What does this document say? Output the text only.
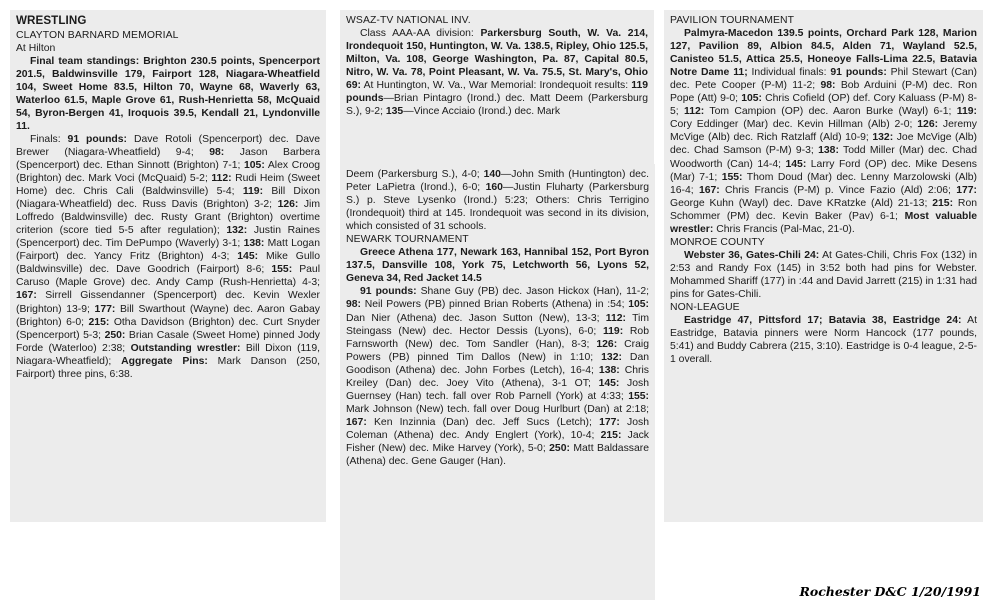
WRESTLING
CLAYTON BARNARD MEMORIAL

At Hilton

Final team standings: Brighton 230.5 points, Spencerport 201.5, Baldwinsville 179, Fairport 128, Niagara-Wheatfield 104, Sweet Home 83.5, Hilton 70, Wayne 68, Waverly 63, Waterloo 61.5, Maple Grove 61, Rush-Henrietta 58, McQuaid 54, Byron-Bergen 41, Iroquois 39.5, Kendall 21, Lyndonville 11.

Finals: 91 pounds: Dave Rotoli (Spencerport) dec. Dave Brewer (Niagara-Wheatfield) 9-4; 98: Jason Barbera (Spencerport) dec. Ethan Sinnott (Brighton) 7-1; 105: Alex Croog (Brighton) dec. Mark Voci (McQuaid) 5-2; 112: Rudi Heim (Sweet Home) dec. Chris Cali (Baldwinsville) 5-4; 119: Bill Dixon (Niagara-Wheatfield) dec. Russ Davis (Brighton) 3-2; 126: Jim Loffredo (Baldwinsville) dec. Rusty Grant (Brighton) overtime criterion (score tied 5-5 after regulation); 132: Justin Raines (Spencerport) dec. Tim DePumpo (Waverly) 3-1; 138: Matt Logan (Fairport) dec. Yancy Fritz (Brighton) 4-3; 145: Mike Gullo (Baldwinsville) dec. Dave Goodrich (Fairport) 8-6; 155: Paul Caruso (Maple Grove) dec. Andy Camp (Rush-Henrietta) 4-3; 167: Sirrell Gissendanner (Spencerport) dec. Kevin Wexler (Brighton) 13-9; 177: Bill Swarthout (Wayne) dec. Aaron Gabay (Brighton) 6-0; 215: Otha Davidson (Brighton) dec. Curt Snyder (Spencerport) 5-3; 250: Brian Casale (Sweet Home) pinned Jody Forde (Waterloo) 2:38; Outstanding wrestler: Bill Dixon (119, Niagara-Wheatfield); Aggregate Pins: Mark Danson (250, Fairport) three pins, 6:38.

WSAZ-TV NATIONAL INV.

Class AAA-AA division: Parkersburg South, W. Va. 214, Irondequoit 150, Huntington, W. Va. 138.5, Ripley, Ohio 125.5, Milton, Va. 108, George Washington, Pa. 87, Capital 80.5, Nitro, W. Va. 78, Point Pleasant, W. Va. 75.5, St. Mary's, Ohio 69: At Huntington, W. Va., War Memorial: Irondequoit results: 119 pounds—Brian Pintagro (Irond.) dec. Matt Deem (Parkersburg S.), 9-2; 135—Vince Acciaio (Irond.) dec. Mark

Deem (Parkersburg S.), 4-0; 140—John Smith (Huntington) dec. Peter LaPietra (Irond.), 6-0; 160—Justin Fluharty (Parkersburg S.) p. Steve Lysenko (Irond.) 5:23; Others: Chris Terrigino (Irondequoit) third at 145. Irondequoit was second in its division, which consisted of 31 schools.

NEWARK TOURNAMENT

Greece Athena 177, Newark 163, Hannibal 152, Port Byron 137.5, Dansville 108, York 75, Letchworth 56, Lyons 52, Geneva 34, Red Jacket 14.5

91 pounds: Shane Guy (PB) dec. Jason Hickox (Han), 11-2; 98: Neil Powers (PB) pinned Brian Roberts (Athena) in :54; 105: Dan Nier (Athena) dec. Jason Sutton (New), 13-3; 112: Tim Steingass (New) dec. Hector Dessis (Lyons), 6-0; 119: Rob Farnsworth (New) dec. Tom Sandler (Han), 8-3; 126: Craig Powers (PB) pinned Tim Dallos (New) in 1:10; 132: Dan Goodison (Athena) dec. John Forbes (Letch), 16-4; 138: Chris Kreiley (Dan) dec. Joey Vito (Athena), 3-1 OT; 145: Josh Guernsey (Han) tech. fall over Rob Parnell (York) at 4:33; 155: Mark Johnson (New) tech. fall over Doug Hurlburt (Dan) at 2:18; 167: Ken Inzinnia (Dan) dec. Jeff Sucs (Letch); 177: Josh Coleman (Athena) dec. Andy Englert (York), 10-4; 215: Jack Fisher (New) dec. Mike Harvey (York), 5-0; 250: Matt Baldassare (Athena) dec. Gene Gauger (Han).

PAVILION TOURNAMENT

Palmyra-Macedon 139.5 points, Orchard Park 128, Marion 127, Pavilion 89, Albion 84.5, Alden 71, Wayland 52.5, Canisteo 51.5, Attica 25.5, Honeoye Falls-Lima 22.5, Batavia Notre Dame 11; Individual finals: 91 pounds: Phil Stewart (Can) dec. Pete Cooper (P-M) 11-2; 98: Bob Arduini (P-M) dec. Ron Pope (Att) 9-0; 105: Chris Cofield (OP) def. Cory Kaluass (P-M) 8-5; 112: Tom Campion (OP) dec. Aaron Burke (Wayl) 6-1; 119: Cory Eddinger (Mar) dec. Kevin Hillman (Alb) 2-0; 126: Jeremy McVige (Alb) dec. Rich Ratzlaff (Ald) 10-9; 132: Joe McVige (Alb) dec. Chad Samson (P-M) 9-3; 138: Todd Miller (Mar) dec. Chad Woodworth (Can) 14-4; 145: Larry Ford (OP) dec. Mike Desens (Mar) 7-1; 155: Thom Doud (Mar) dec. Lenny Marzolowski (Alb) 16-4; 167: Chris Francis (P-M) p. Vince Fazio (Ald) 2:06; 177: George Kuhn (Wayl) dec. Dave KRatzke (Ald) 21-13; 215: Ron Schommer (PM) dec. Kevin Baker (Pav) 6-1; Most valuable wrestler: Chris Francis (Pal-Mac, 21-0).

MONROE COUNTY

Webster 36, Gates-Chili 24: At Gates-Chili, Chris Fox (132) in 2:53 and Randy Fox (145) in 3:52 both had pins for Webster. Mohammed Shariff (177) in :44 and David Jarrett (215) in 1:31 had pins for Gates-Chili.

NON-LEAGUE

Eastridge 47, Pittsford 17; Batavia 38, Eastridge 24: At Eastridge, Batavia pinners were Norm Hancock (177 pounds, 5:41) and Buddy Cabrera (215, 3:10). Eastridge is 0-4 league, 2-5-1 overall.

Rochester D&C 1/20/1991
